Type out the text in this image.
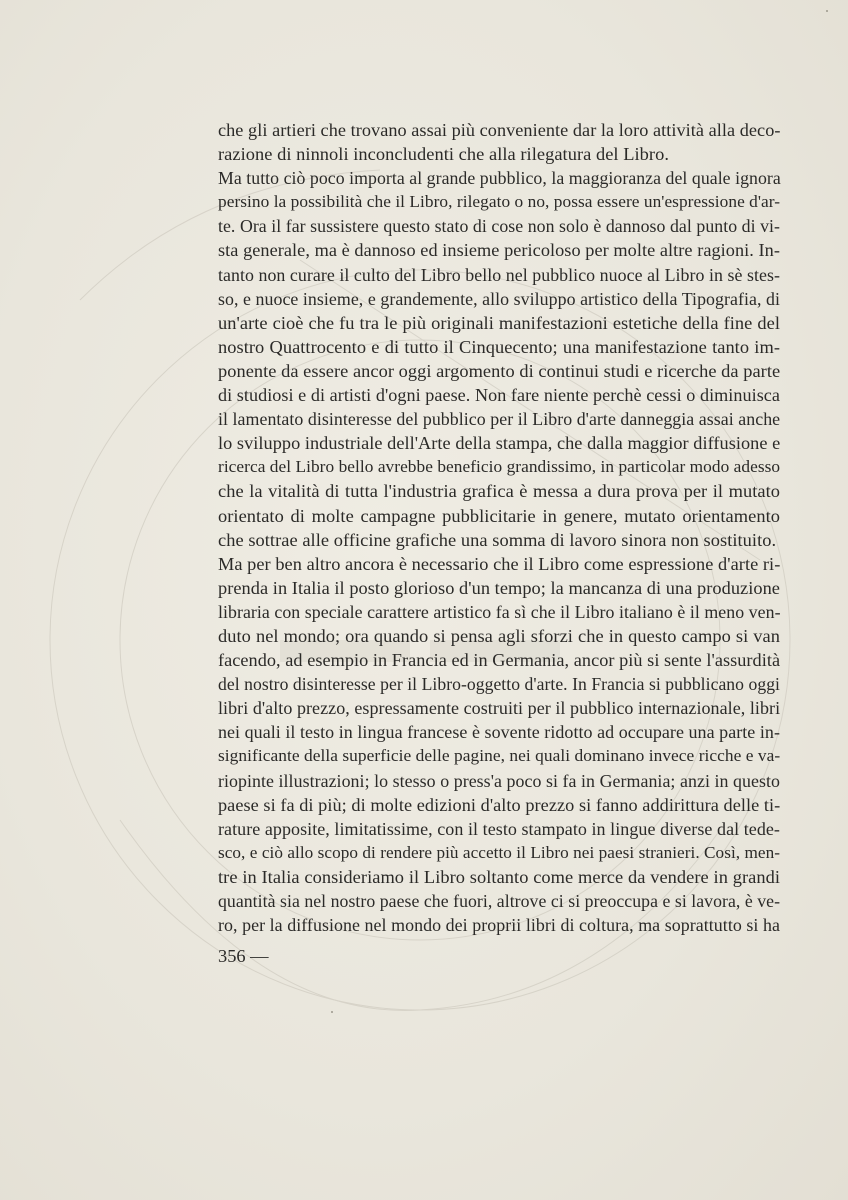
che gli artieri che trovano assai più conveniente dar la loro attività alla deco-
razione di ninnoli inconcludenti che alla rilegatura del Libro.
Ma tutto ciò poco importa al grande pubblico, la maggioranza del quale ignora
persino la possibilità che il Libro, rilegato o no, possa essere un'espressione d'ar-
te. Ora il far sussistere questo stato di cose non solo è dannoso dal punto di vi-
sta generale, ma è dannoso ed insieme pericoloso per molte altre ragioni. In-
tanto non curare il culto del Libro bello nel pubblico nuoce al Libro in sè stes-
so, e nuoce insieme, e grandemente, allo sviluppo artistico della Tipografia, di
un'arte cioè che fu tra le più originali manifestazioni estetiche della fine del
nostro Quattrocento e di tutto il Cinquecento; una manifestazione tanto im-
ponente da essere ancor oggi argomento di continui studi e ricerche da parte
di studiosi e di artisti d'ogni paese. Non fare niente perchè cessi o diminuisca
il lamentato disinteresse del pubblico per il Libro d'arte danneggia assai anche
lo sviluppo industriale dell'Arte della stampa, che dalla maggior diffusione e
ricerca del Libro bello avrebbe beneficio grandissimo, in particolar modo adesso
che la vitalità di tutta l'industria grafica è messa a dura prova per il mutato
orientato di molte campagne pubblicitarie in genere, mutato orientamento
che sottrae alle officine grafiche una somma di lavoro sinora non sostituito.
Ma per ben altro ancora è necessario che il Libro come espressione d'arte ri-
prenda in Italia il posto glorioso d'un tempo; la mancanza di una produzione
libraria con speciale carattere artistico fa sì che il Libro italiano è il meno ven-
duto nel mondo; ora quando si pensa agli sforzi che in questo campo si van
facendo, ad esempio in Francia ed in Germania, ancor più si sente l'assurdità
del nostro disinteresse per il Libro-oggetto d'arte. In Francia si pubblicano oggi
libri d'alto prezzo, espressamente costruiti per il pubblico internazionale, libri
nei quali il testo in lingua francese è sovente ridotto ad occupare una parte in-
significante della superficie delle pagine, nei quali dominano invece ricche e va-
riopinte illustrazioni; lo stesso o press'a poco si fa in Germania; anzi in questo
paese si fa di più; di molte edizioni d'alto prezzo si fanno addirittura delle ti-
rature apposite, limitatissime, con il testo stampato in lingue diverse dal tede-
sco, e ciò allo scopo di rendere più accetto il Libro nei paesi stranieri. Così, men-
tre in Italia consideriamo il Libro soltanto come merce da vendere in grandi
quantità sia nel nostro paese che fuori, altrove ci si preoccupa e si lavora, è ve-
ro, per la diffusione nel mondo dei proprii libri di coltura, ma soprattutto si ha
356 —
